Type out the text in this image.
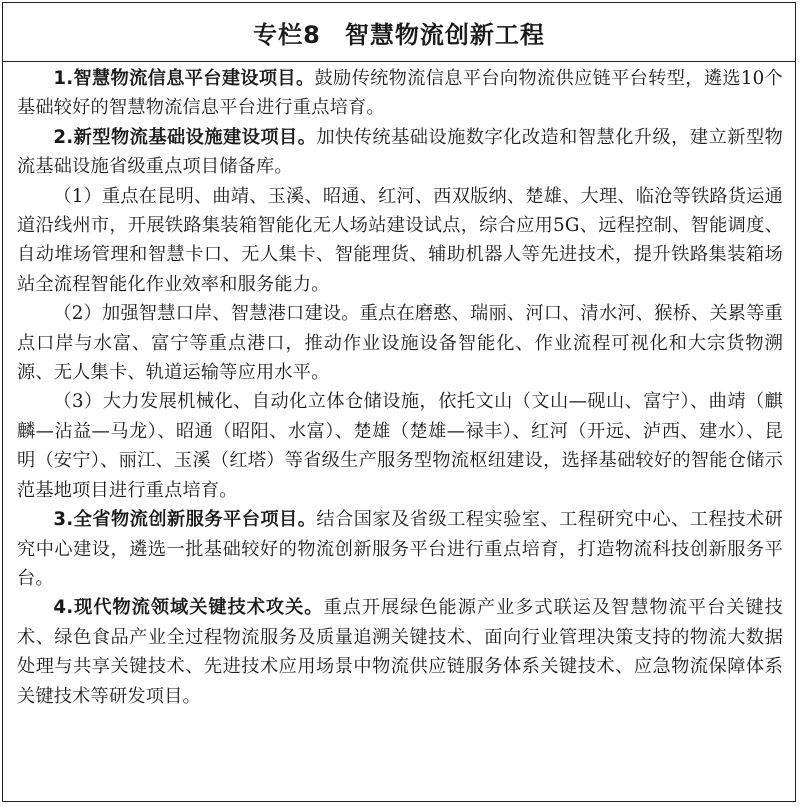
专栏8 智慧物流创新工程

1.智慧物流信息平台建设项目。鼓励传统物流信息平台向物流供应链平台转型，遴选10个基础较好的智慧物流信息平台进行重点培育。

2.新型物流基础设施建设项目。加快传统基础设施数字化改造和智慧化升级，建立新型物流基础设施省级重点项目储备库。

（1）重点在昆明、曲靖、玉溪、昭通、红河、西双版纳、楚雄、大理、临沧等铁路货运通道沿线州市，开展铁路集装箱智能化无人场站建设试点，综合应用5G、远程控制、智能调度、自动堆场管理和智慧卡口、无人集卡、智能理货、辅助机器人等先进技术，提升铁路集装箱场站全流程智能化作业效率和服务能力。

（2）加强智慧口岸、智慧港口建设。重点在磨憨、瑞丽、河口、清水河、猴桥、关累等重点口岸与水富、富宁等重点港口，推动作业设施设备智能化、作业流程可视化和大宗货物溯源、无人集卡、轨道运输等应用水平。

（3）大力发展机械化、自动化立体仓储设施，依托文山（文山—砚山、富宁）、曲靖（麒麟—沾益—马龙）、昭通（昭阳、水富）、楚雄（楚雄—禄丰）、红河（开远、泸西、建水）、昆明（安宁）、丽江、玉溪（红塔）等省级生产服务型物流枢纽建设，选择基础较好的智能仓储示范基地项目进行重点培育。

3.全省物流创新服务平台项目。结合国家及省级工程实验室、工程研究中心、工程技术研究中心建设，遴选一批基础较好的物流创新服务平台进行重点培育，打造物流科技创新服务平台。

4.现代物流领域关键技术攻关。重点开展绿色能源产业多式联运及智慧物流平台关键技术、绿色食品产业全过程物流服务及质量追溯关键技术、面向行业管理决策支持的物流大数据处理与共享关键技术、先进技术应用场景中物流供应链服务体系关键技术、应急物流保障体系关键技术等研发项目。
